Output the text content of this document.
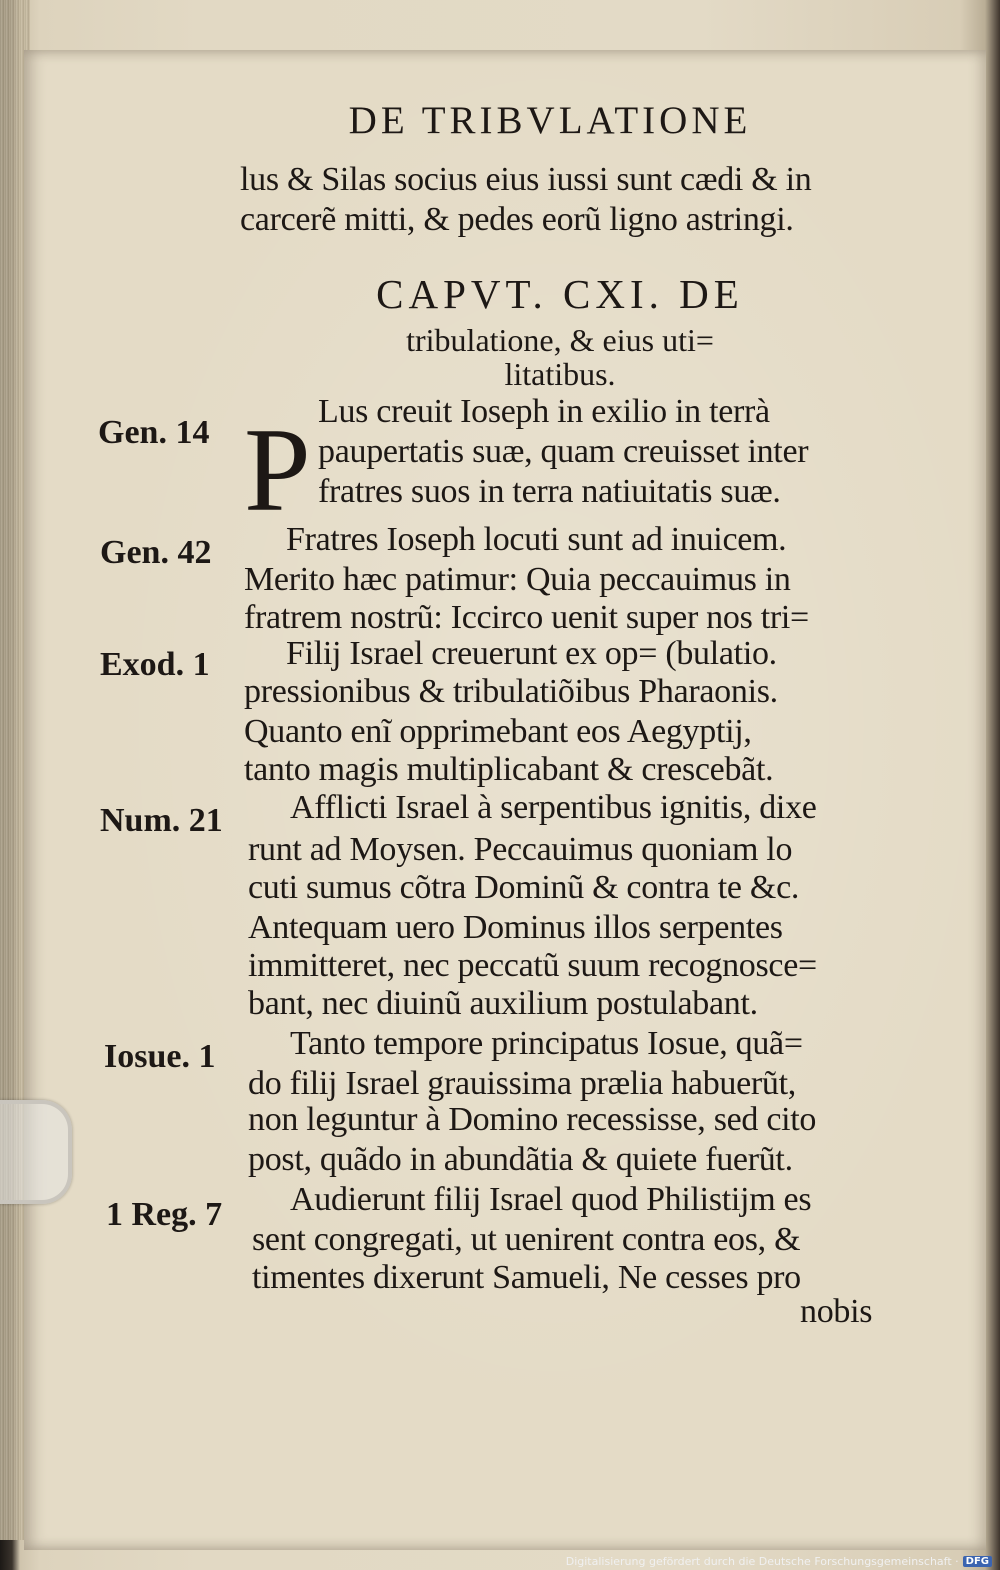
DE TRIBVLATIONE
lus & Silas socius eius iussi sunt cædi & in
carcerẽ mitti, & pedes eorũ ligno astringi.
CAPVT. CXI. DE
tribulatione, & eius uti=
litatibus.
P Lus creuit Ioseph in exilio in terrà
paupertatis suæ, quam creuisset inter
fratres suos in terra natiuitatis suæ.
Fratres Ioseph locuti sunt ad inuicem.
Merito hæc patimur: Quia peccauimus in
fratrem nostrũ: Iccirco uenit super nos tri=
Filij Israel creuerunt ex op= (bulatio.
pressionibus & tribulatiõibus Pharaonis.
Quanto enĩ opprimebant eos Aegyptij,
tanto magis multiplicabant & crescebãt.
Afflicti Israel à serpentibus ignitis, dixe
runt ad Moysen. Peccauimus quoniam lo
cuti sumus cõtra Dominũ & contra te &c.
Antequam uero Dominus illos serpentes
immitteret, nec peccatũ suum recognosce=
bant, nec diuinũ auxilium postulabant.
Tanto tempore principatus Iosue, quã=
do filij Israel grauissima prælia habuerũt,
non leguntur à Domino recessisse, sed cito
post, quãdo in abundãtia & quiete fuerũt.
Audierunt filij Israel quod Philistijm es
sent congregati, ut uenirent contra eos, &
timentes dixerunt Samueli, Ne cesses pro
nobis
Gen. 14
Gen. 42
Exod. 1
Num. 21
Iosue. 1
1 Reg. 7
Digitalisierung gefördert durch die Deutsche Forschungsgemeinschaft · DFG
